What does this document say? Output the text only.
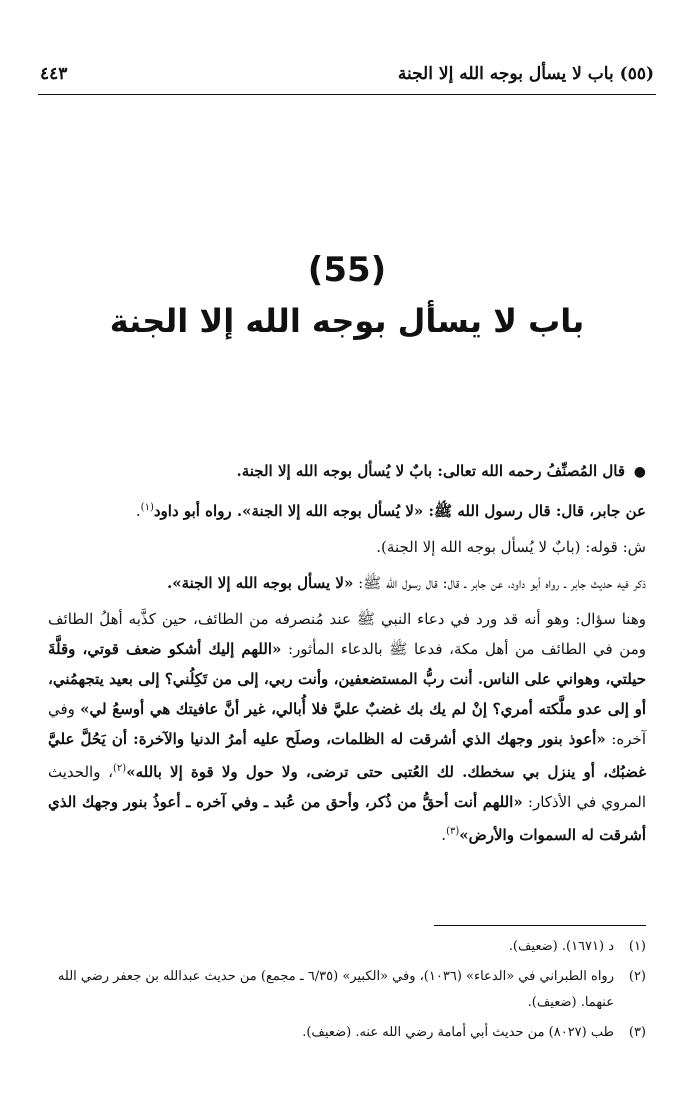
(٥٥) باب لا يسأل بوجه الله إلا الجنة
٤٤٣
(55)
باب لا يسأل بوجه الله إلا الجنة

● قال المُصنِّفُ رحمه الله تعالى: بابٌ لا يُسأل بوجه الله إلا الجنة.

عن جابر، قال: قال رسول الله ﷺ: «لا يُسأل بوجه الله إلا الجنة». رواه أبو داود$^{(١)}$.

ش: قوله: (بابٌ لا يُسأل بوجه الله إلا الجنة).

ذكر فيه حديث جابر ـ رواه أبو داود، عن جابر ـ قال: قال رسول الله ﷺ: «لا يسأل بوجه الله إلا الجنة».

وهنا سؤال: وهو أنه قد ورد في دعاء النبي ﷺ عند مُنصرفه من الطائف، حين كذَّبه أهلُ الطائف ومن في الطائف من أهل مكة، فدعا ﷺ بالدعاء المأثور: «اللهم إليك أشكو ضعف قوتي، وقلَّةَ حيلتي، وهواني على الناس. أنت ربُّ المستضعفين، وأنت ربي، إلى من تَكِلُني؟ إلى بعيد يتجهمُني، أو إلى عدو ملَّكته أمري؟ إنْ لم يك بك غضبٌ عليَّ فلا أُبالي، غير أنَّ عافيتك هي أوسعُ لي» وفي آخره: «أعوذ بنور وجهك الذي أشرقت له الظلمات، وصلَح عليه أمرُ الدنيا والآخرة: أن يَحُلَّ عليَّ غضبُك، أو ينزل بي سخطك. لك العُتبى حتى ترضى، ولا حول ولا قوة إلا بالله»$^{(٢)}$، والحديث المروي في الأذكار: «اللهم أنت أحقُّ من ذُكر، وأحق من عُبد ـ وفي آخره ـ أعوذُ بنور وجهك الذي أشرقت له السموات والأرض»$^{(٣)}$.

(١)
د (١٦٧١). (ضعيف).
(٢)
رواه الطبراني في «الدعاء» (١٠٣٦)، وفي «الكبير» (٦/٣٥ ـ مجمع) من حديث عبدالله بن جعفر رضي الله عنهما. (ضعيف).
(٣)
طب (٨٠٢٧) من حديث أبي أمامة رضي الله عنه. (ضعيف).
